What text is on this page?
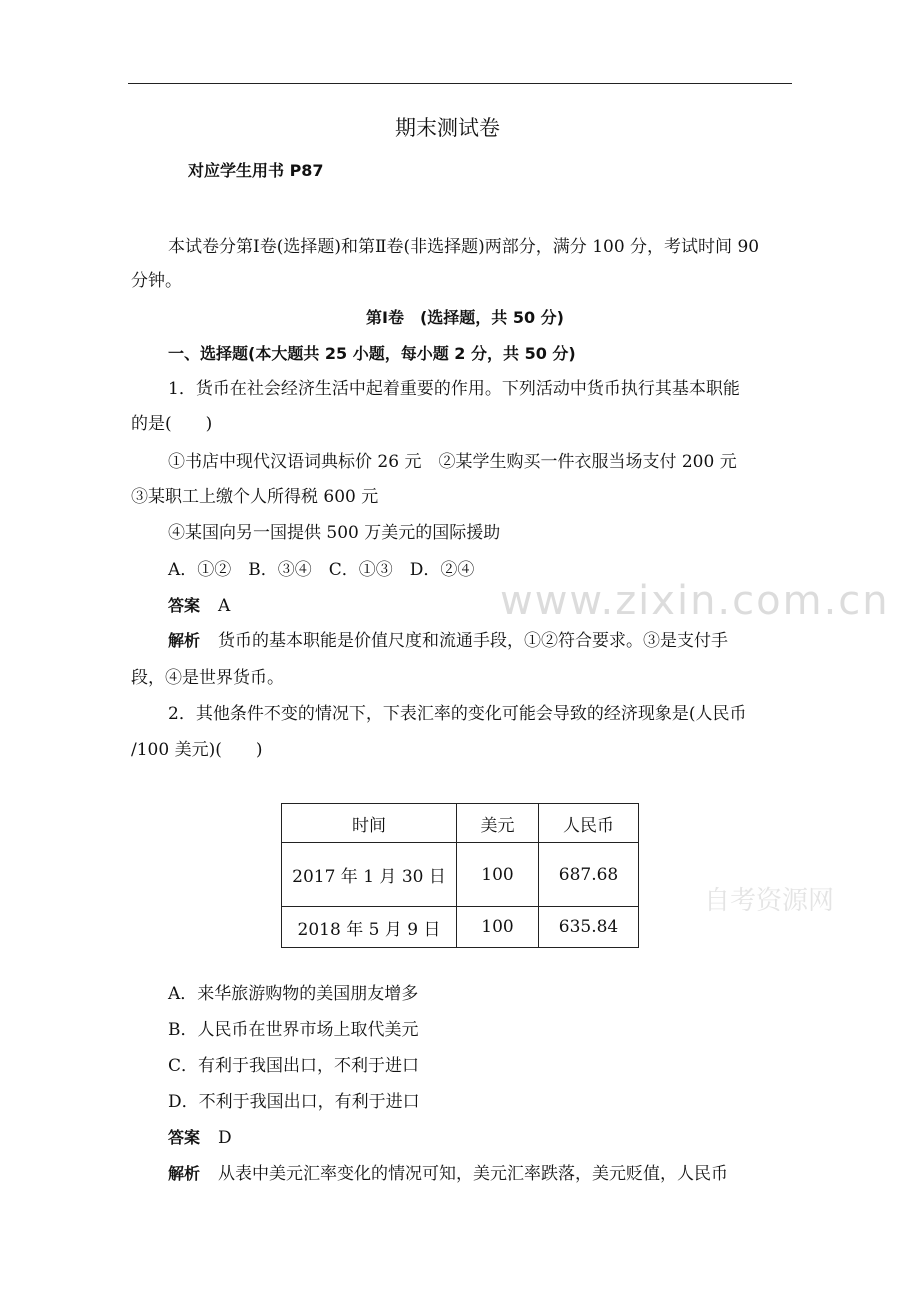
www.zixin.com.cn
自考资源网
期末测试卷
对应学生用书 P87
本试卷分第Ⅰ卷(选择题)和第Ⅱ卷(非选择题)两部分，满分 100 分，考试时间 90
分钟。
第Ⅰ卷　(选择题，共 50 分)
一、选择题(本大题共 25 小题，每小题 2 分，共 50 分)
1．货币在社会经济生活中起着重要的作用。下列活动中货币执行其基本职能
的是(　　)
①书店中现代汉语词典标价 26 元　②某学生购买一件衣服当场支付 200 元
③某职工上缴个人所得税 600 元
④某国向另一国提供 500 万美元的国际援助
A．①②　B．③④　C．①③　D．②④
答案 A
解析 货币的基本职能是价值尺度和流通手段，①②符合要求。③是支付手
段，④是世界货币。
2．其他条件不变的情况下，下表汇率的变化可能会导致的经济现象是(人民币
/100 美元)(　　)
时间	美元	人民币
2017 年 1 月 30 日	100	687.68
2018 年 5 月 9 日	100	635.84
A．来华旅游购物的美国朋友增多
B．人民币在世界市场上取代美元
C．有利于我国出口，不利于进口
D．不利于我国出口，有利于进口
答案 D
解析 从表中美元汇率变化的情况可知，美元汇率跌落，美元贬值，人民币
